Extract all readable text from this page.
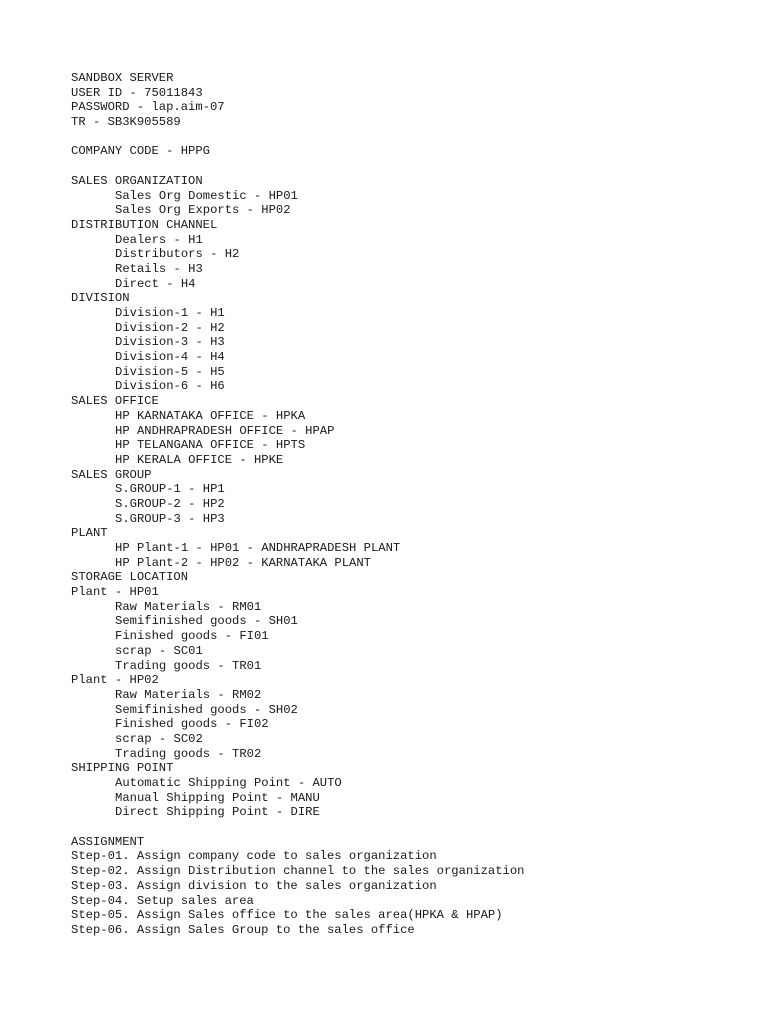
SANDBOX SERVER
USER ID - 75011843
PASSWORD - lap.aim-07
TR - SB3K905589
COMPANY CODE - HPPG
SALES ORGANIZATION
Sales Org Domestic - HP01
Sales Org Exports - HP02
DISTRIBUTION CHANNEL
Dealers - H1
Distributors - H2
Retails - H3
Direct - H4
DIVISION
Division-1 - H1
Division-2 - H2
Division-3 - H3
Division-4 - H4
Division-5 - H5
Division-6 - H6
SALES OFFICE
HP KARNATAKA OFFICE - HPKA
HP ANDHRAPRADESH OFFICE - HPAP
HP TELANGANA OFFICE - HPTS
HP KERALA OFFICE - HPKE
SALES GROUP
S.GROUP-1 - HP1
S.GROUP-2 - HP2
S.GROUP-3 - HP3
PLANT
HP Plant-1 - HP01 - ANDHRAPRADESH PLANT
HP Plant-2 - HP02 - KARNATAKA PLANT
STORAGE LOCATION
Plant - HP01
Raw Materials - RM01
Semifinished goods - SH01
Finished goods - FI01
scrap - SC01
Trading goods - TR01
Plant - HP02
Raw Materials - RM02
Semifinished goods - SH02
Finished goods - FI02
scrap - SC02
Trading goods - TR02
SHIPPING POINT
Automatic Shipping Point - AUTO
Manual Shipping Point - MANU
Direct Shipping Point - DIRE
ASSIGNMENT
Step-01. Assign company code to sales organization
Step-02. Assign Distribution channel to the sales organization
Step-03. Assign division to the sales organization
Step-04. Setup sales area
Step-05. Assign Sales office to the sales area(HPKA & HPAP)
Step-06. Assign Sales Group to the sales office
